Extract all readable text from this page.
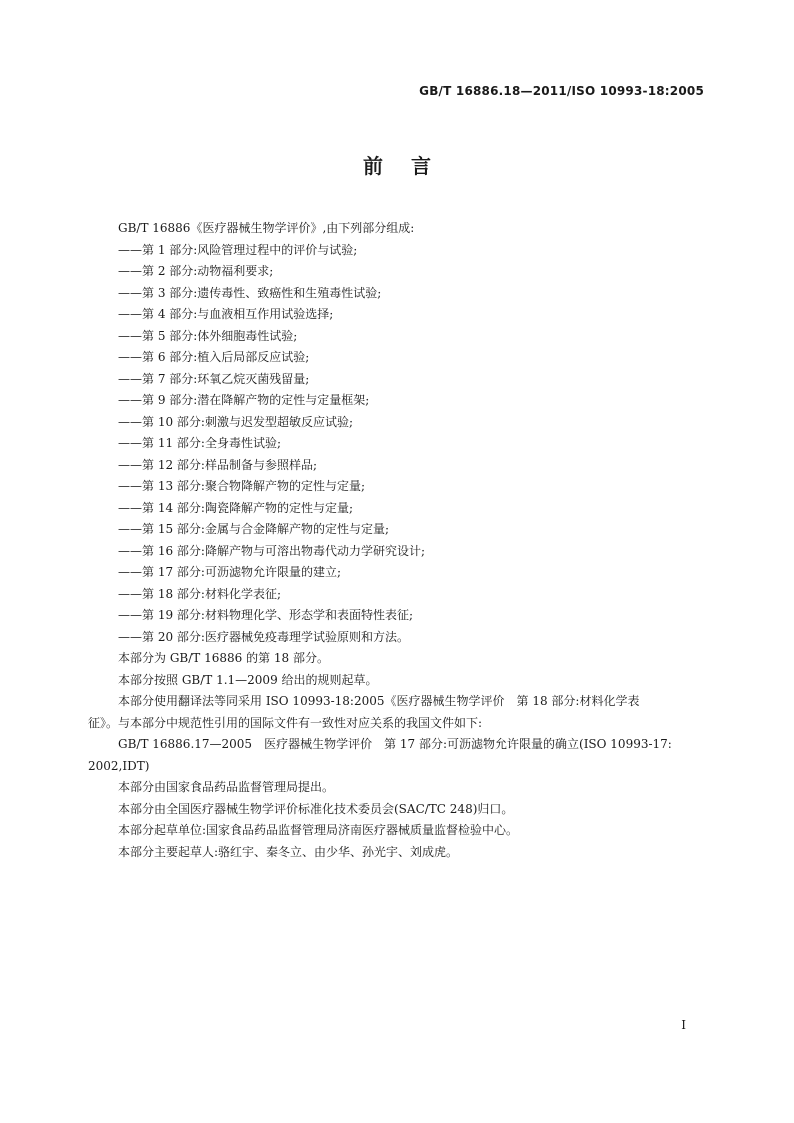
GB/T 16886.18—2011/ISO 10993-18:2005
前言
GB/T 16886《医疗器械生物学评价》,由下列部分组成:
——第 1 部分:风险管理过程中的评价与试验;
——第 2 部分:动物福利要求;
——第 3 部分:遗传毒性、致癌性和生殖毒性试验;
——第 4 部分:与血液相互作用试验选择;
——第 5 部分:体外细胞毒性试验;
——第 6 部分:植入后局部反应试验;
——第 7 部分:环氧乙烷灭菌残留量;
——第 9 部分:潜在降解产物的定性与定量框架;
——第 10 部分:刺激与迟发型超敏反应试验;
——第 11 部分:全身毒性试验;
——第 12 部分:样品制备与参照样品;
——第 13 部分:聚合物降解产物的定性与定量;
——第 14 部分:陶瓷降解产物的定性与定量;
——第 15 部分:金属与合金降解产物的定性与定量;
——第 16 部分:降解产物与可溶出物毒代动力学研究设计;
——第 17 部分:可沥滤物允许限量的建立;
——第 18 部分:材料化学表征;
——第 19 部分:材料物理化学、形态学和表面特性表征;
——第 20 部分:医疗器械免疫毒理学试验原则和方法。
本部分为 GB/T 16886 的第 18 部分。
本部分按照 GB/T 1.1—2009 给出的规则起草。
本部分使用翻译法等同采用 ISO 10993-18:2005《医疗器械生物学评价　第 18 部分:材料化学表
征》。与本部分中规范性引用的国际文件有一致性对应关系的我国文件如下:
GB/T 16886.17—2005　医疗器械生物学评价　第 17 部分:可沥滤物允许限量的确立(ISO 10993-17:
2002,IDT)
本部分由国家食品药品监督管理局提出。
本部分由全国医疗器械生物学评价标准化技术委员会(SAC/TC 248)归口。
本部分起草单位:国家食品药品监督管理局济南医疗器械质量监督检验中心。
本部分主要起草人:骆红宇、秦冬立、由少华、孙光宇、刘成虎。
I
